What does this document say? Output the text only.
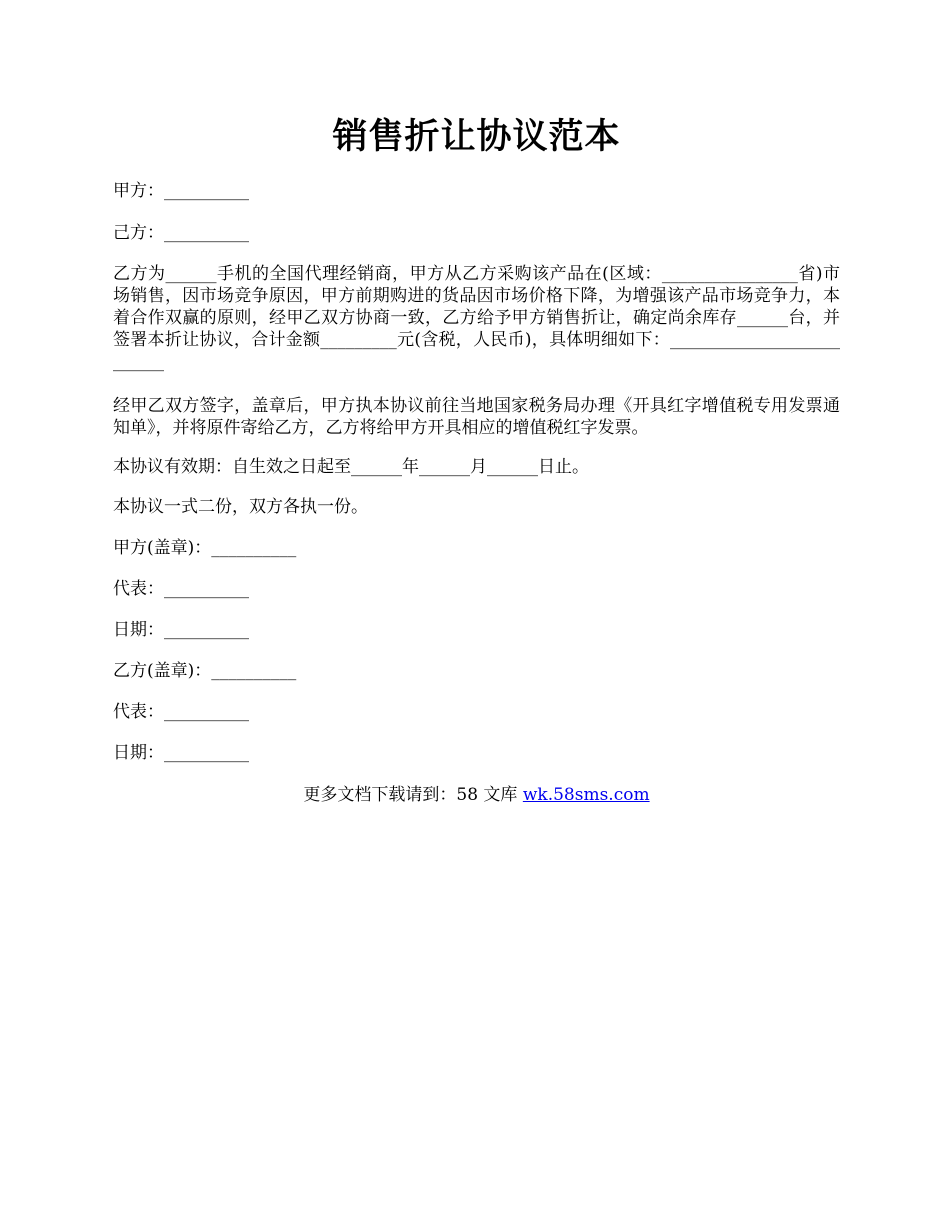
销售折让协议范本
甲方：__________
己方：__________
乙方为______手机的全国代理经销商，甲方从乙方采购该产品在(区域：________________省)市场销售，因市场竞争原因，甲方前期购进的货品因市场价格下降，为增强该产品市场竞争力，本着合作双赢的原则，经甲乙双方协商一致，乙方给予甲方销售折让，确定尚余库存______台，并签署本折让协议，合计金额_________元(含税，人民币)，具体明细如下：__________________________
经甲乙双方签字，盖章后，甲方执本协议前往当地国家税务局办理《开具红字增值税专用发票通知单》，并将原件寄给乙方，乙方将给甲方开具相应的增值税红字发票。
本协议有效期：自生效之日起至______年______月______日止。
本协议一式二份，双方各执一份。
甲方(盖章)：__________
代表：__________
日期：__________
乙方(盖章)：__________
代表：__________
日期：__________
更多文档下载请到：58 文库 wk.58sms.com
